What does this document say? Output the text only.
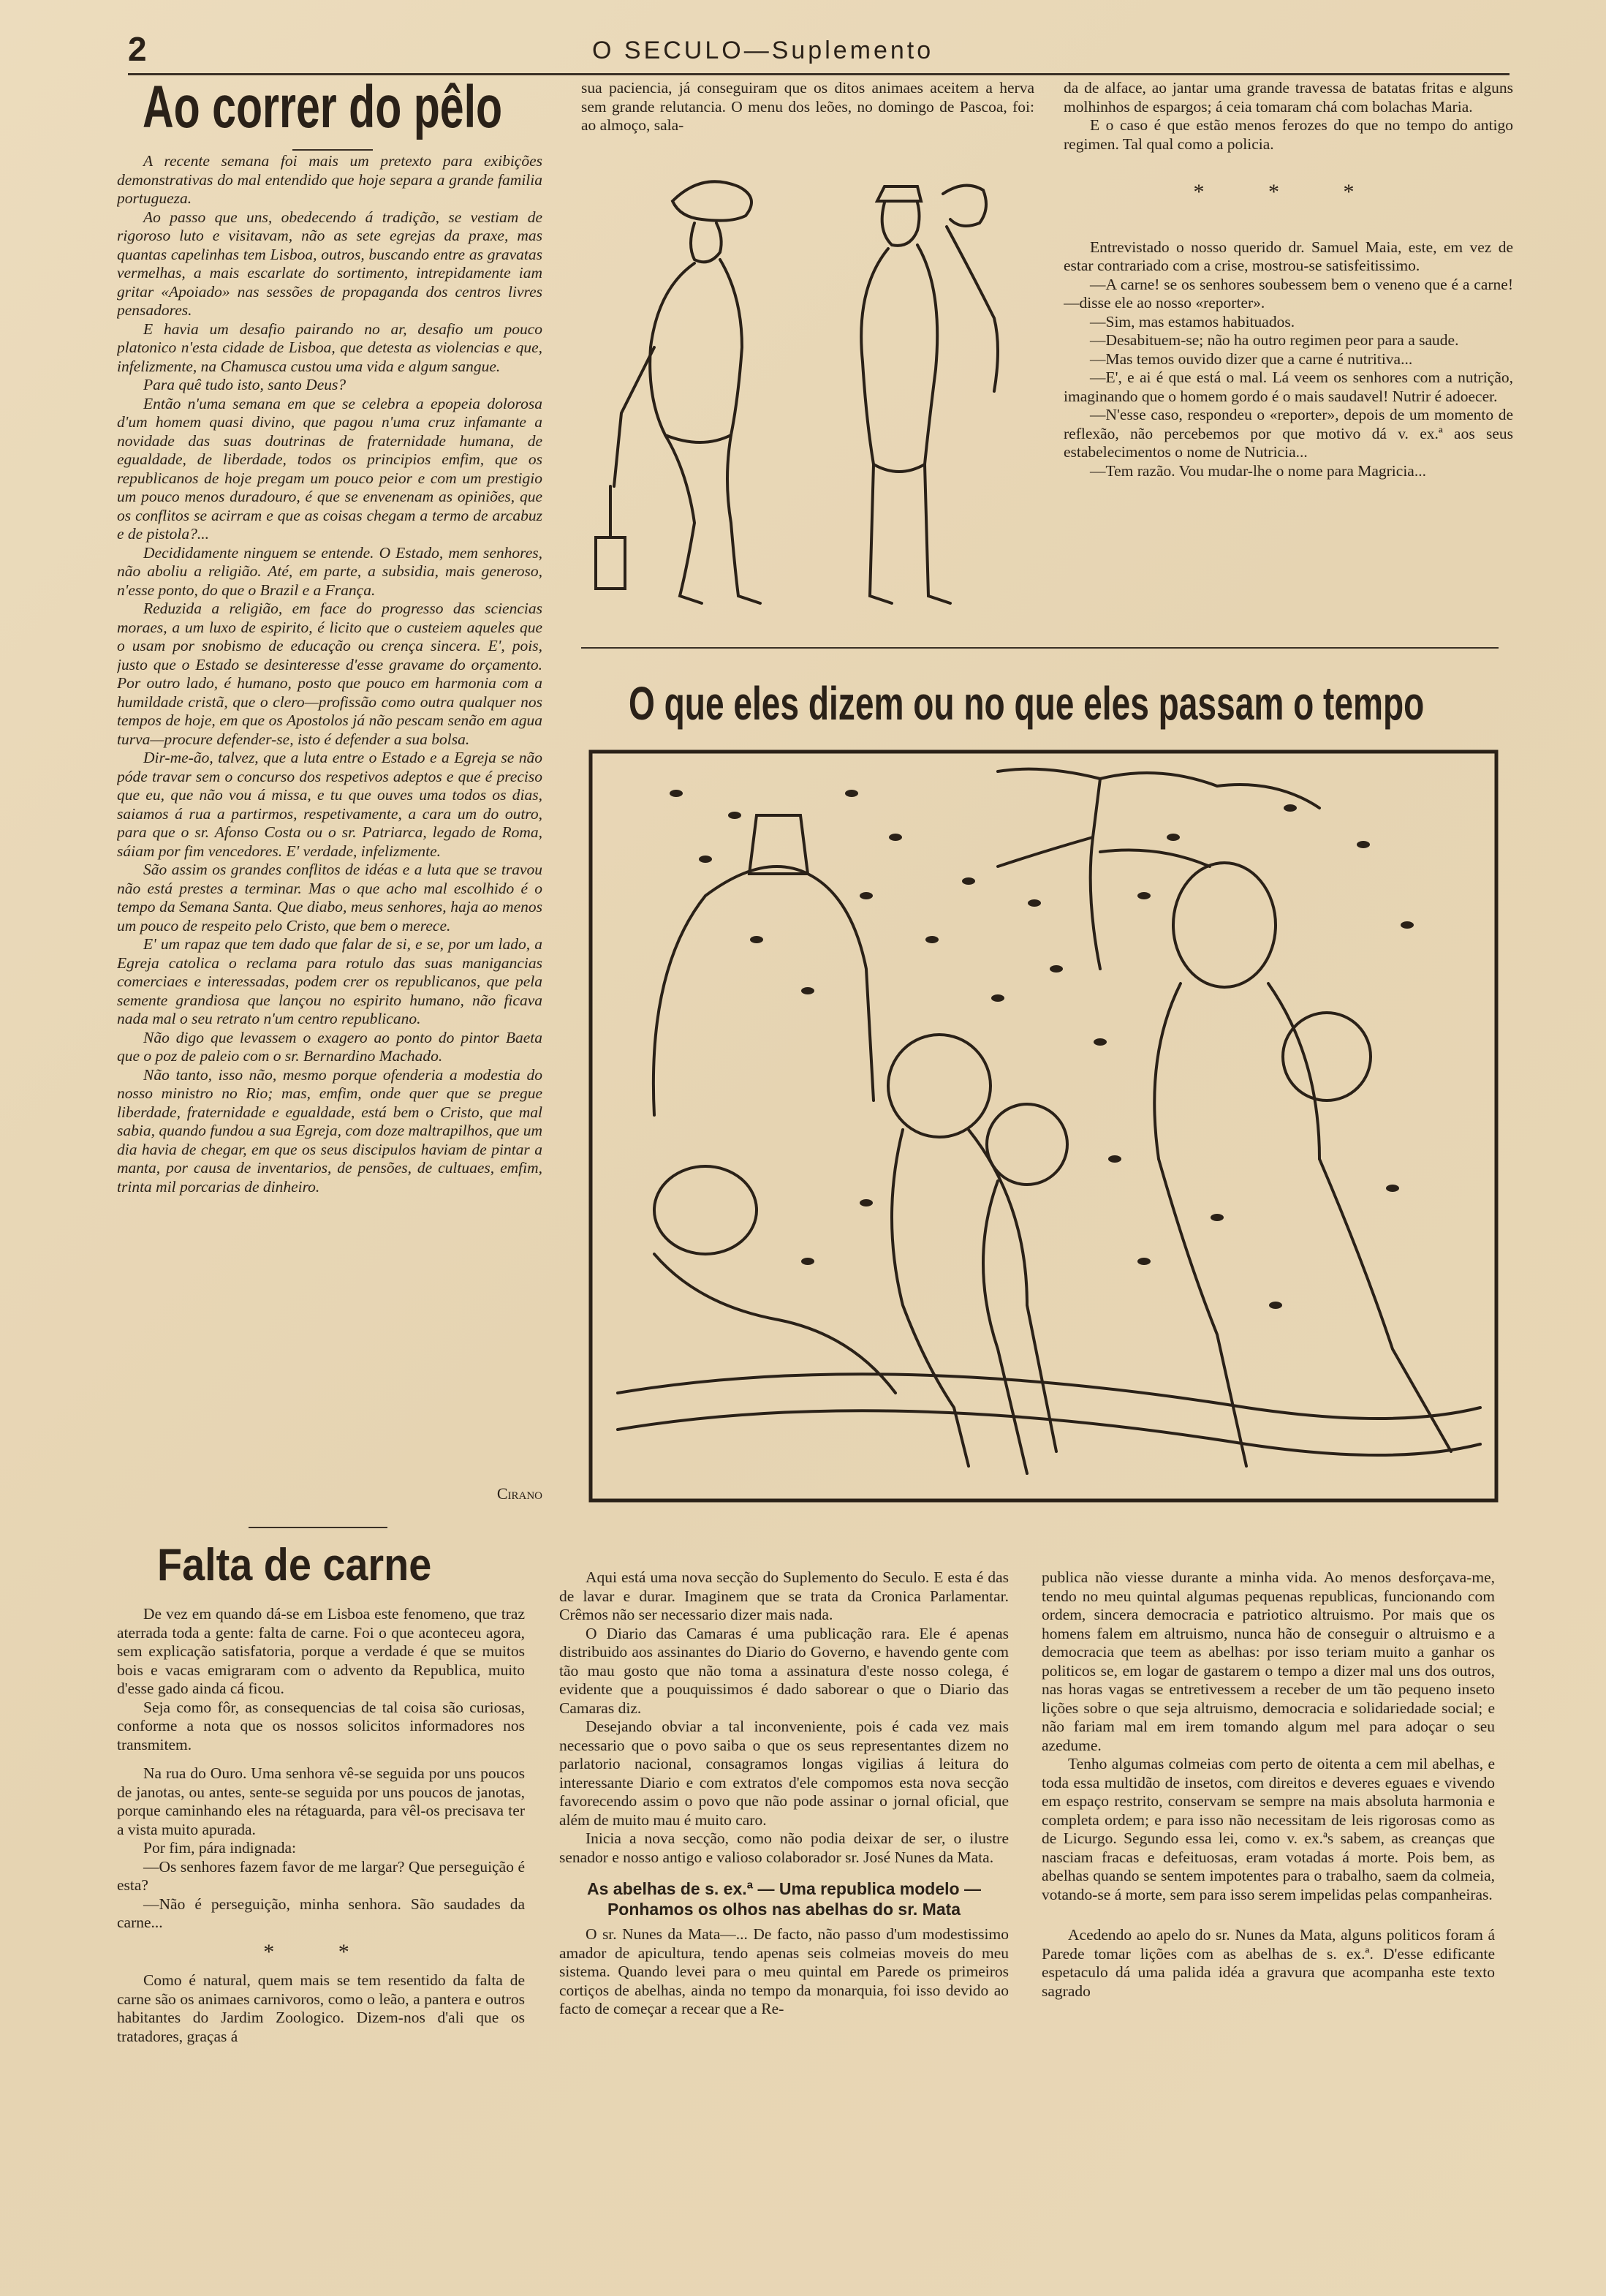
2	O SECULO—Suplemento
Ao correr do pêlo

A recente semana foi mais um pretexto para exibições demonstrativas do mal entendido que hoje separa a grande familia portugueza.

Ao passo que uns, obedecendo á tradição, se vestiam de rigoroso luto e visitavam, não as sete egrejas da praxe, mas quantas capelinhas tem Lisboa, outros, buscando entre as gravatas vermelhas, a mais escarlate do sortimento, intrepidamente iam gritar «Apoiado» nas sessões de propaganda dos centros livres pensadores.

E havia um desafio pairando no ar, desafio um pouco platonico n'esta cidade de Lisboa, que detesta as violencias e que, infelizmente, na Chamusca custou uma vida e algum sangue.

Para quê tudo isto, santo Deus?

Então n'uma semana em que se celebra a epopeia dolorosa d'um homem quasi divino, que pagou n'uma cruz infamante a novidade das suas doutrinas de fraternidade humana, de egualdade, de liberdade, todos os principios emfim, que os republicanos de hoje pregam um pouco peior e com um prestigio um pouco menos duradouro, é que se envenenam as opiniões, que os conflitos se acirram e que as coisas chegam a termo de arcabuz e de pistola?...

Decididamente ninguem se entende. O Estado, mem senhores, não aboliu a religião. Até, em parte, a subsidia, mais generoso, n'esse ponto, do que o Brazil e a França.

Reduzida a religião, em face do progresso das sciencias moraes, a um luxo de espirito, é licito que o custeiem aqueles que o usam por snobismo de educação ou crença sincera. E', pois, justo que o Estado se desinteresse d'esse gravame do orçamento. Por outro lado, é humano, posto que pouco em harmonia com a humildade cristã, que o clero—profissão como outra qualquer nos tempos de hoje, em que os Apostolos já não pescam senão em agua turva—procure defender-se, isto é defender a sua bolsa.

Dir-me-ão, talvez, que a luta entre o Estado e a Egreja se não póde travar sem o concurso dos respetivos adeptos e que é preciso que eu, que não vou á missa, e tu que ouves uma todos os dias, saiamos á rua a partirmos, respetivamente, a cara um do outro, para que o sr. Afonso Costa ou o sr. Patriarca, legado de Roma, sáiam por fim vencedores. E' verdade, infelizmente.

São assim os grandes conflitos de idéas e a luta que se travou não está prestes a terminar. Mas o que acho mal escolhido é o tempo da Semana Santa. Que diabo, meus senhores, haja ao menos um pouco de respeito pelo Cristo, que bem o merece.

E' um rapaz que tem dado que falar de si, e se, por um lado, a Egreja catolica o reclama para rotulo das suas manigancias comerciaes e interessadas, podem crer os republicanos, que pela semente grandiosa que lançou no espirito humano, não ficava nada mal o seu retrato n'um centro republicano.

Não digo que levassem o exagero ao ponto do pintor Baeta que o poz de paleio com o sr. Bernardino Machado.

Não tanto, isso não, mesmo porque ofenderia a modestia do nosso ministro no Rio; mas, emfim, onde quer que se pregue liberdade, fraternidade e egualdade, está bem o Cristo, que mal sabia, quando fundou a sua Egreja, com doze maltrapilhos, que um dia havia de chegar, em que os seus discipulos haviam de pintar a manta, por causa de inventarios, de pensões, de cultuaes, emfim, trinta mil porcarias de dinheiro.

Cirano
Falta de carne

De vez em quando dá-se em Lisboa este fenomeno, que traz aterrada toda a gente: falta de carne. Foi o que aconteceu agora, sem explicação satisfatoria, porque a verdade é que se muitos bois e vacas emigraram com o advento da Republica, muito d'esse gado ainda cá ficou.

Seja como fôr, as consequencias de tal coisa são curiosas, conforme a nota que os nossos solicitos informadores nos transmitem.

Na rua do Ouro. Uma senhora vê-se seguida por uns poucos de janotas, ou antes, sente-se seguida por uns poucos de janotas, porque caminhando eles na rétaguarda, para vêl-os precisava ter a vista muito apurada.

Por fim, pára indignada:

—Os senhores fazem favor de me largar? Que perseguição é esta?

—Não é perseguição, minha senhora. São saudades da carne...

* *

Como é natural, quem mais se tem resentido da falta de carne são os animaes carnivoros, como o leão, a pantera e outros habitantes do Jardim Zoologico. Dizem-nos d'ali que os tratadores, graças á

sua paciencia, já conseguiram que os ditos animaes aceitem a herva sem grande relutancia. O menu dos leões, no domingo de Pascoa, foi: ao almoço, sala-

da de alface, ao jantar uma grande travessa de batatas fritas e alguns molhinhos de espargos; á ceia tomaram chá com bolachas Maria.

E o caso é que estão menos ferozes do que no tempo do antigo regimen. Tal qual como a policia.

* * *

Entrevistado o nosso querido dr. Samuel Maia, este, em vez de estar contrariado com a crise, mostrou-se satisfeitissimo.

—A carne! se os senhores soubessem bem o veneno que é a carne!—disse ele ao nosso «reporter».

—Sim, mas estamos habituados.

—Desabituem-se; não ha outro regimen peor para a saude.

—Mas temos ouvido dizer que a carne é nutritiva...

—E', e ai é que está o mal. Lá veem os senhores com a nutrição, imaginando que o homem gordo é o mais saudavel! Nutrir é adoecer.

—N'esse caso, respondeu o «reporter», depois de um momento de reflexão, não percebemos por que motivo dá v. ex.ª aos seus estabelecimentos o nome de Nutricia...

—Tem razão. Vou mudar-lhe o nome para Magricia...

O que eles dizem ou no que eles passam o tempo

Aqui está uma nova secção do Suplemento do Seculo. E esta é das de lavar e durar. Imaginem que se trata da Cronica Parlamentar. Crêmos não ser necessario dizer mais nada.

O Diario das Camaras é uma publicação rara. Ele é apenas distribuido aos assinantes do Diario do Governo, e havendo gente com tão mau gosto que não toma a assinatura d'este nosso colega, é evidente que a pouquissimos é dado saborear o que o Diario das Camaras diz.

Desejando obviar a tal inconveniente, pois é cada vez mais necessario que o povo saiba o que os seus representantes dizem no parlatorio nacional, consagramos longas vigilias á leitura do interessante Diario e com extratos d'ele compomos esta nova secção favorecendo assim o povo que não pode assinar o jornal oficial, que além de muito mau é muito caro.

Inicia a nova secção, como não podia deixar de ser, o ilustre senador e nosso antigo e valioso colaborador sr. José Nunes da Mata.

As abelhas de s. ex.ª — Uma republica modelo —Ponhamos os olhos nas abelhas do sr. Mata

O sr. Nunes da Mata—... De facto, não passo d'um modestissimo amador de apicultura, tendo apenas seis colmeias moveis do meu sistema. Quando levei para o meu quintal em Parede os primeiros cortiços de abelhas, ainda no tempo da monarquia, foi isso devido ao facto de começar a recear que a Re-

publica não viesse durante a minha vida. Ao menos desforçava-me, tendo no meu quintal algumas pequenas republicas, funcionando com ordem, sincera democracia e patriotico altruismo. Por mais que os homens falem em altruismo, nunca hão de conseguir o altruismo e a democracia que teem as abelhas: por isso teriam muito a ganhar os politicos se, em logar de gastarem o tempo a dizer mal uns dos outros, nas horas vagas se entretivessem a receber de um tão pequeno inseto lições sobre o que seja altruismo, democracia e solidariedade social; e não fariam mal em irem tomando algum mel para adoçar o seu azedume.

Tenho algumas colmeias com perto de oitenta a cem mil abelhas, e toda essa multidão de insetos, com direitos e deveres eguaes e vivendo em espaço restrito, conservam se sempre na mais absoluta harmonia e completa ordem; e para isso não necessitam de leis rigorosas como as de Licurgo. Segundo essa lei, como v. ex.ªs sabem, as creanças que nasciam fracas e defeituosas, eram votadas á morte. Pois bem, as abelhas quando se sentem impotentes para o trabalho, saem da colmeia, votando-se á morte, sem para isso serem impelidas pelas companheiras.

Acedendo ao apelo do sr. Nunes da Mata, alguns politicos foram á Parede tomar lições com as abelhas de s. ex.ª. D'esse edificante espetaculo dá uma palida idéa a gravura que acompanha este texto sagrado
